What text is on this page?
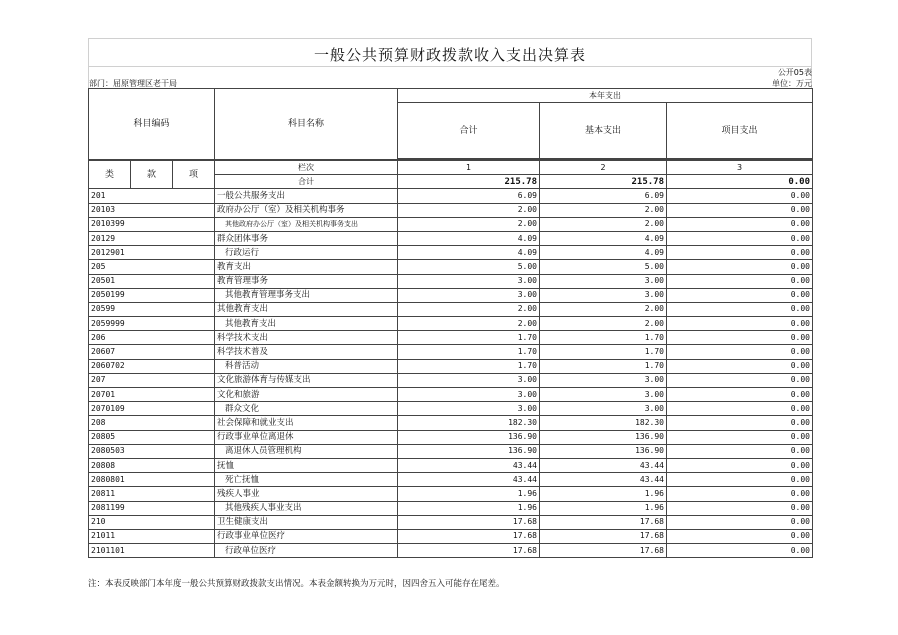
一般公共预算财政拨款收入支出决算表
公开05表
部门：屈原管理区老干局	单位：万元
科目编码	科目名称	本年支出		
		合计	基本支出	项目支出

类	款	项	栏次	1	2	3
			合计	215.78	215.78	0.00
201			一般公共服务支出	6.09	6.09	0.00
20103			政府办公厅（室）及相关机构事务	2.00	2.00	0.00
2010399			其他政府办公厅（室）及相关机构事务支出	2.00	2.00	0.00
20129			群众团体事务	4.09	4.09	0.00
2012901			行政运行	4.09	4.09	0.00
205			教育支出	5.00	5.00	0.00
20501			教育管理事务	3.00	3.00	0.00
2050199			其他教育管理事务支出	3.00	3.00	0.00
20599			其他教育支出	2.00	2.00	0.00
2059999			其他教育支出	2.00	2.00	0.00
206			科学技术支出	1.70	1.70	0.00
20607			科学技术普及	1.70	1.70	0.00
2060702			科普活动	1.70	1.70	0.00
207			文化旅游体育与传媒支出	3.00	3.00	0.00
20701			文化和旅游	3.00	3.00	0.00
2070109			群众文化	3.00	3.00	0.00
208			社会保障和就业支出	182.30	182.30	0.00
20805			行政事业单位离退休	136.90	136.90	0.00
2080503			离退休人员管理机构	136.90	136.90	0.00
20808			抚恤	43.44	43.44	0.00
2080801			死亡抚恤	43.44	43.44	0.00
20811			残疾人事业	1.96	1.96	0.00
2081199			其他残疾人事业支出	1.96	1.96	0.00
210			卫生健康支出	17.68	17.68	0.00
21011			行政事业单位医疗	17.68	17.68	0.00
2101101			行政单位医疗	17.68	17.68	0.00
注：本表反映部门本年度一般公共预算财政拨款支出情况。本表金额转换为万元时，因四舍五入可能存在尾差。
